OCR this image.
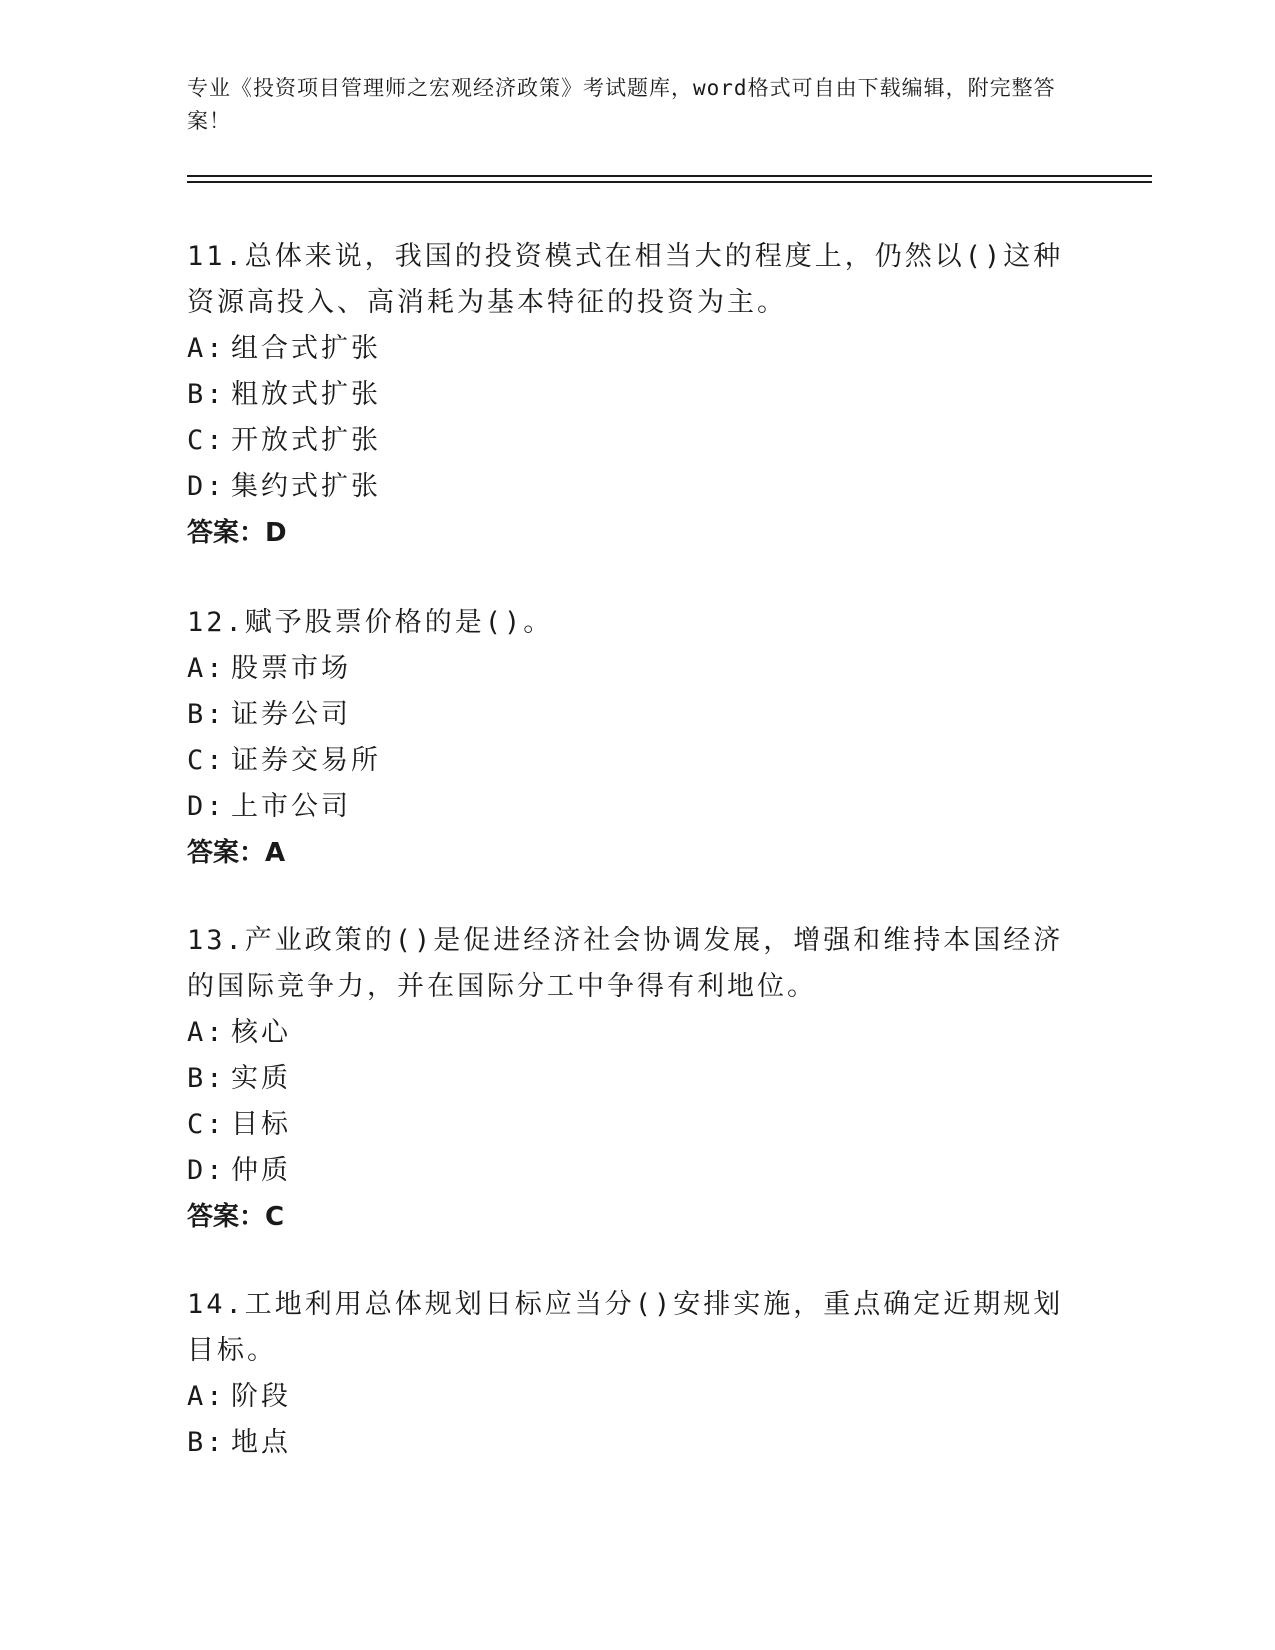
专业《投资项目管理师之宏观经济政策》考试题库，word格式可自由下载编辑，附完整答案！

11.总体来说，我国的投资模式在相当大的程度上，仍然以()这种资源高投入、高消耗为基本特征的投资为主。

A: 组合式扩张

B: 粗放式扩张

C: 开放式扩张

D: 集约式扩张

答案：D

12.赋予股票价格的是()。

A: 股票市场

B: 证券公司

C: 证券交易所

D: 上市公司

答案：A

13.产业政策的()是促进经济社会协调发展，增强和维持本国经济的国际竞争力，并在国际分工中争得有利地位。

A: 核心

B: 实质

C: 目标

D: 仲质

答案：C

14.工地利用总体规划日标应当分()安排实施，重点确定近期规划目标。

A: 阶段

B: 地点
